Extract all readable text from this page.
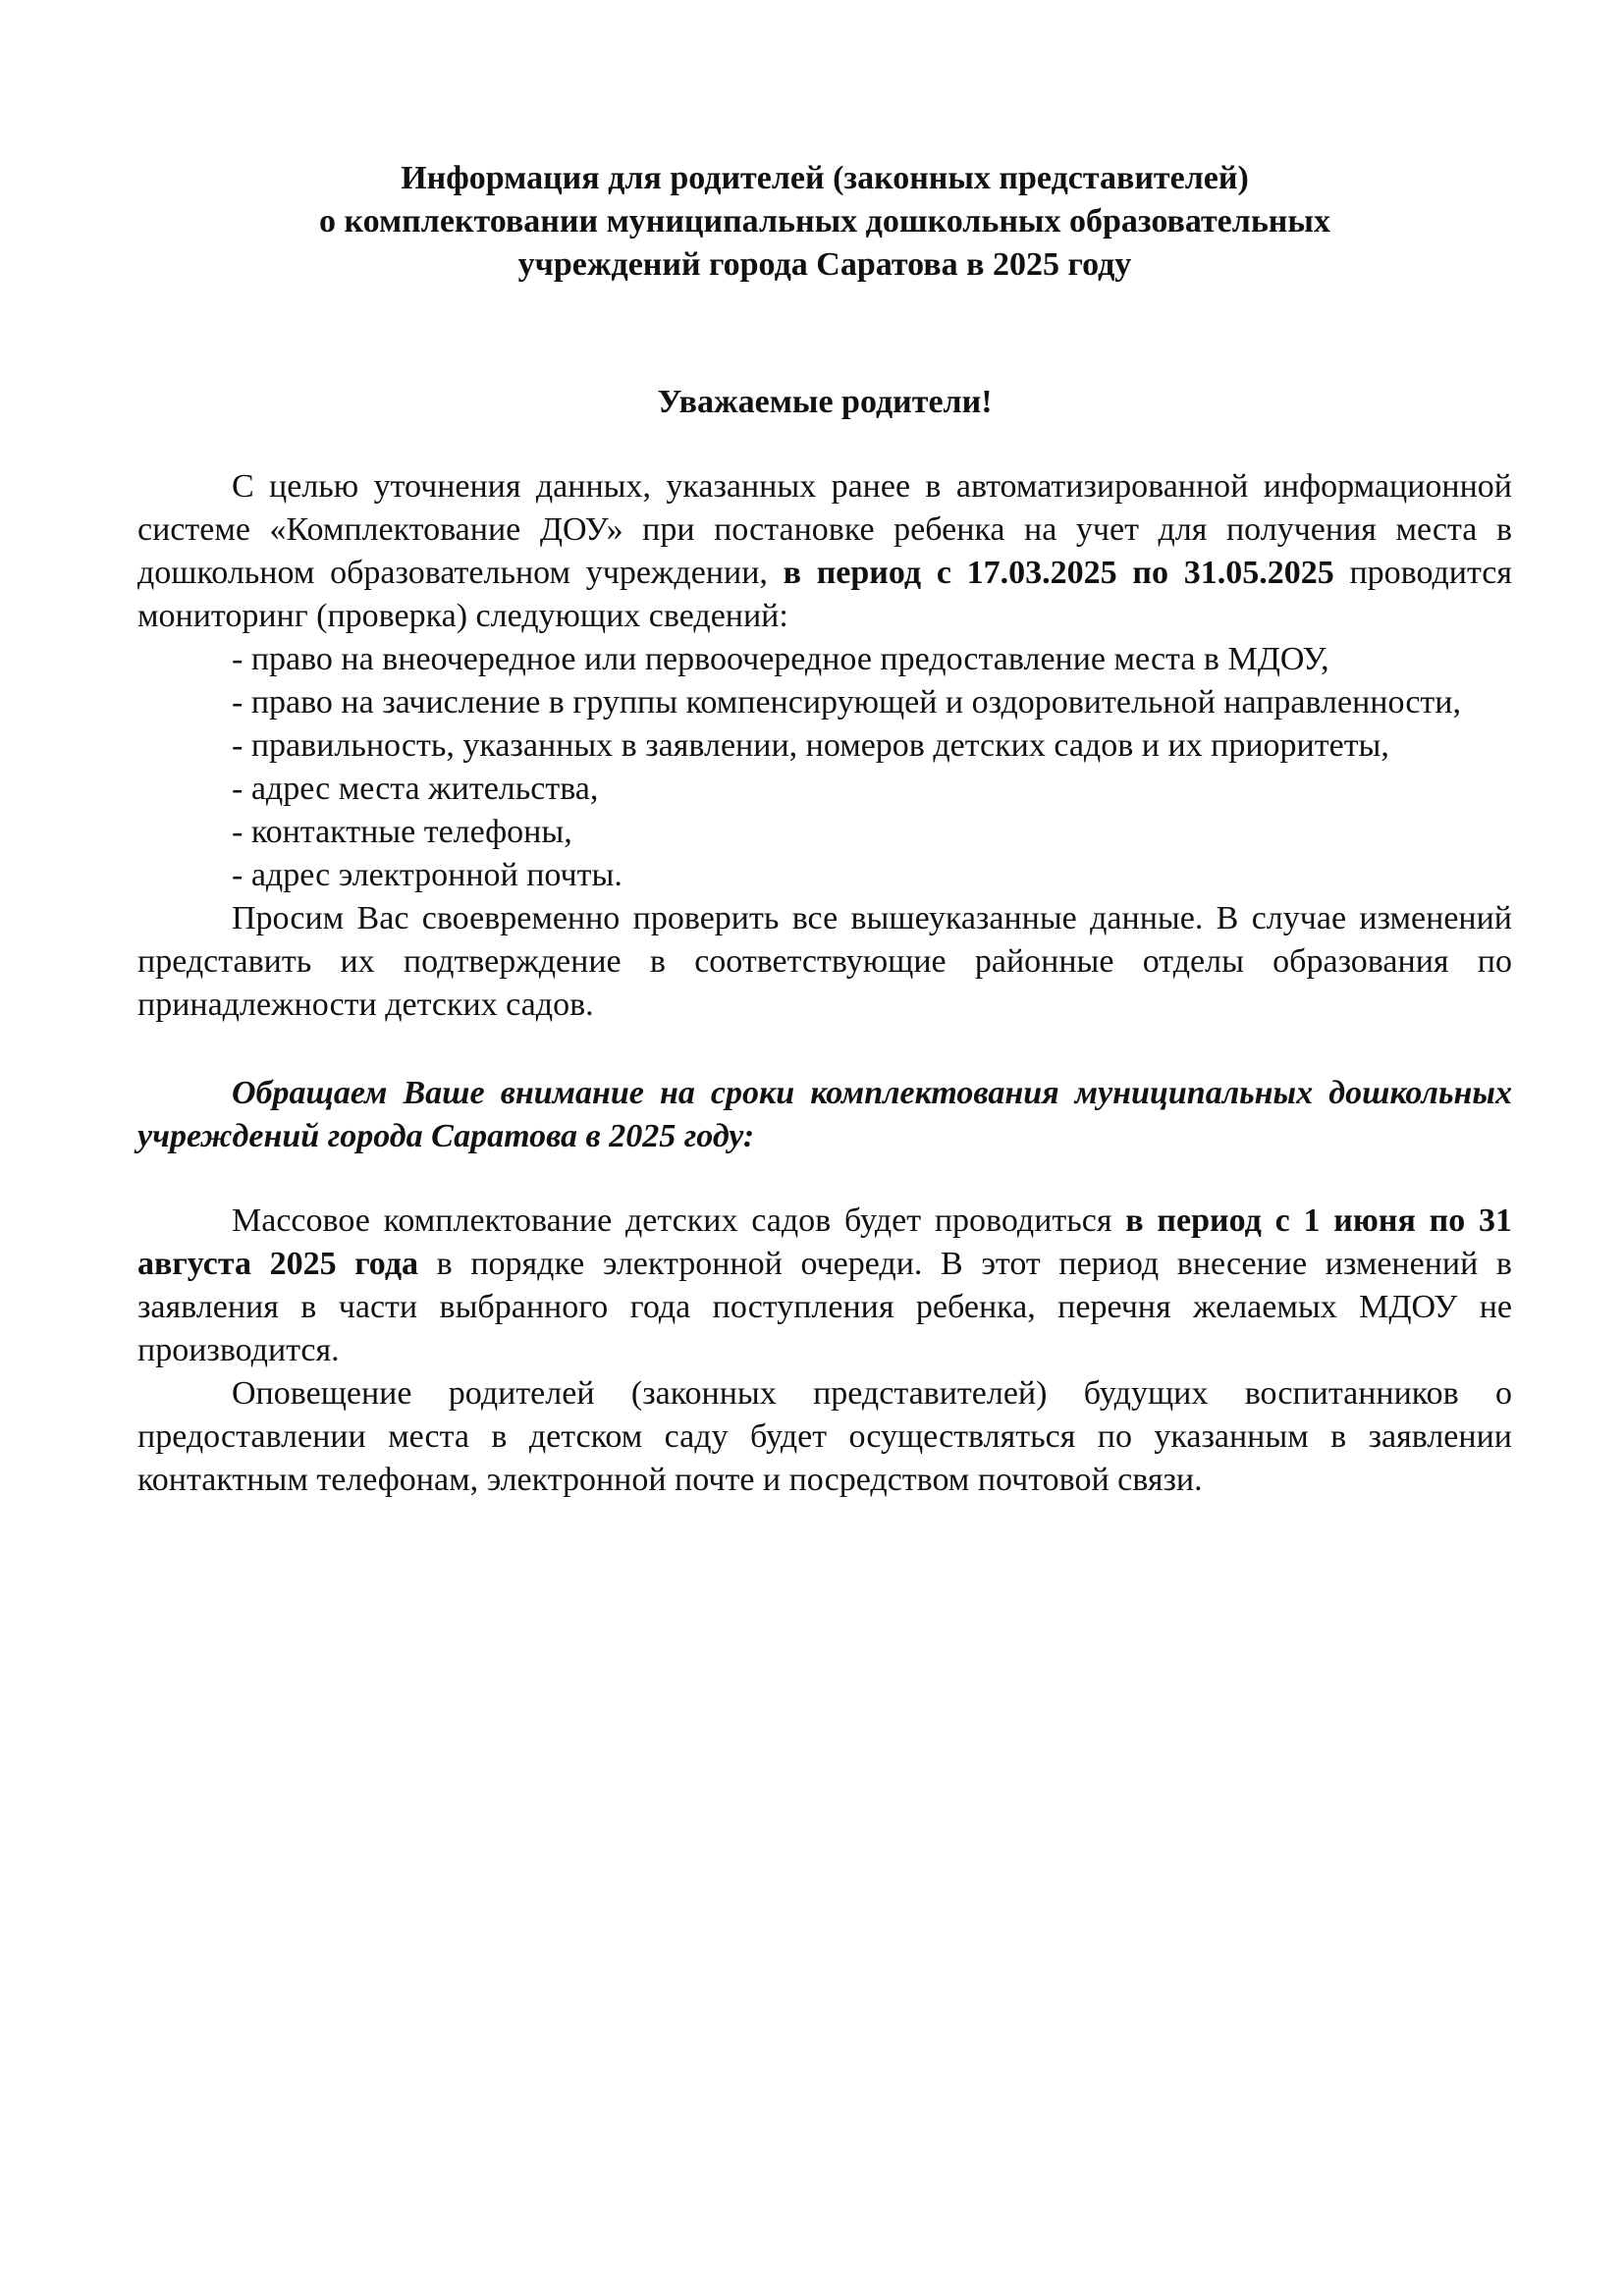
Информация для родителей (законных представителей)
о комплектовании муниципальных дошкольных образовательных
учреждений города Саратова в 2025 году

Уважаемые родители!

С целью уточнения данных, указанных ранее в автоматизированной информационной системе «Комплектование ДОУ» при постановке ребенка на учет для получения места в дошкольном образовательном учреждении, в период с 17.03.2025 по 31.05.2025 проводится мониторинг (проверка) следующих сведений:

- право на внеочередное или первоочередное предоставление места в МДОУ,

- право на зачисление в группы компенсирующей и оздоровительной направленности,

- правильность, указанных в заявлении, номеров детских садов и их приоритеты,

- адрес места жительства,

- контактные телефоны,

- адрес электронной почты.

Просим Вас своевременно проверить все вышеуказанные данные. В случае изменений представить их подтверждение в соответствующие районные отделы образования по принадлежности детских садов.

Обращаем Ваше внимание на сроки комплектования муниципальных дошкольных учреждений города Саратова в 2025 году:

Массовое комплектование детских садов будет проводиться в период с 1 июня по 31 августа 2025 года в порядке электронной очереди. В этот период внесение изменений в заявления в части выбранного года поступления ребенка, перечня желаемых МДОУ не производится.

Оповещение родителей (законных представителей) будущих воспитанников о предоставлении места в детском саду будет осуществляться по указанным в заявлении контактным телефонам, электронной почте и посредством почтовой связи.
